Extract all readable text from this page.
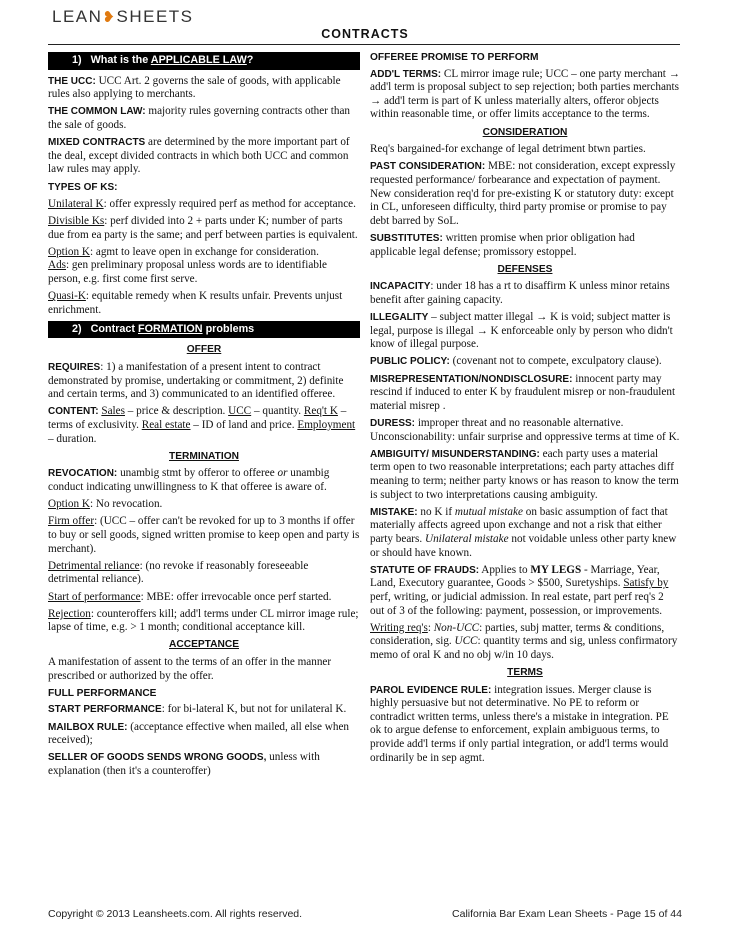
LEAN❥SHEETS
CONTRACTS
1) What is the APPLICABLE LAW?

THE UCC: UCC Art. 2 governs the sale of goods, with applicable rules also applying to merchants.

THE COMMON LAW: majority rules governing contracts other than the sale of goods.

MIXED CONTRACTS are determined by the more important part of the deal, except divided contracts in which both UCC and common law rules may apply.

TYPES OF KS:

Unilateral K: offer expressly required perf as method for acceptance.

Divisible Ks: perf divided into 2 + parts under K; number of parts due from ea party is the same; and perf between parties is equivalent.

Option K: agmt to leave open in exchange for consideration.

Ads: gen preliminary proposal unless words are to identifiable person, e.g. first come first serve.

Quasi-K: equitable remedy when K results unfair. Prevents unjust enrichment.

2) Contract FORMATION problems
OFFER

REQUIRES: 1) a manifestation of a present intent to contract demonstrated by promise, undertaking or commitment, 2) definite and certain terms, and 3) communicated to an identified offeree.

CONTENT: Sales – price & description. UCC – quantity. Req't K – terms of exclusivity. Real estate – ID of land and price. Employment – duration.

TERMINATION

REVOCATION: unambig stmt by offeror to offeree or unambig conduct indicating unwillingness to K that offeree is aware of.

Option K: No revocation.

Firm offer: (UCC – offer can't be revoked for up to 3 months if offer to buy or sell goods, signed written promise to keep open and party is merchant).

Detrimental reliance: (no revoke if reasonably foreseeable detrimental reliance).

Start of performance: MBE: offer irrevocable once perf started.

Rejection: counteroffers kill; add'l terms under CL mirror image rule; lapse of time, e.g. > 1 month; conditional acceptance kill.

ACCEPTANCE

A manifestation of assent to the terms of an offer in the manner prescribed or authorized by the offer.

FULL PERFORMANCE

START PERFORMANCE: for bi-lateral K, but not for unilateral K.

MAILBOX RULE: (acceptance effective when mailed, all else when received);

SELLER OF GOODS SENDS WRONG GOODS, unless with explanation (then it's a counteroffer)

OFFEREE PROMISE TO PERFORM

ADD'L TERMS: CL mirror image rule; UCC – one party merchant → add'l term is proposal subject to sep rejection; both parties merchants → add'l term is part of K unless materially alters, offeror objects within reasonable time, or offer limits acceptance to the terms.

CONSIDERATION

Req's bargained-for exchange of legal detriment btwn parties.

PAST CONSIDERATION: MBE: not consideration, except expressly requested performance/ forbearance and expectation of payment. New consideration req'd for pre-existing K or statutory duty: except in CL, unforeseen difficulty, third party promise or promise to pay debt barred by SoL.

SUBSTITUTES: written promise when prior obligation had applicable legal defense; promissory estoppel.

DEFENSES

INCAPACITY: under 18 has a rt to disaffirm K unless minor retains benefit after gaining capacity.

ILLEGALITY – subject matter illegal → K is void; subject matter is legal, purpose is illegal → K enforceable only by person who didn't know of illegal purpose.

PUBLIC POLICY: (covenant not to compete, exculpatory clause).

MISREPRESENTATION/NONDISCLOSURE: innocent party may rescind if induced to enter K by fraudulent misrep or non-fraudulent material misrep .

DURESS: improper threat and no reasonable alternative.

Unconscionability: unfair surprise and oppressive terms at time of K.

AMBIGUITY/ MISUNDERSTANDING: each party uses a material term open to two reasonable interpretations; each party attaches diff meaning to term; neither party knows or has reason to know the term is subject to two interpretations causing ambiguity.

MISTAKE: no K if mutual mistake on basic assumption of fact that materially affects agreed upon exchange and not a risk that either party bears. Unilateral mistake not voidable unless other party knew or should have known.

STATUTE OF FRAUDS: Applies to MY LEGS - Marriage, Year, Land, Executory guarantee, Goods > $500, Suretyships. Satisfy by perf, writing, or judicial admission. In real estate, part perf req's 2 out of 3 of the following: payment, possession, or improvements.

Writing req's: Non-UCC: parties, subj matter, terms & conditions, consideration, sig. UCC: quantity terms and sig, unless confirmatory memo of oral K and no obj w/in 10 days.

TERMS

PAROL EVIDENCE RULE: integration issues. Merger clause is highly persuasive but not determinative. No PE to reform or contradict written terms, unless there's a mistake in integration. PE ok to argue defense to enforcement, explain ambiguous terms, to provide add'l terms if only partial integration, or add'l terms would ordinarily be in sep agmt.

Copyright © 2013 Leansheets.com. All rights reserved.	California Bar Exam Lean Sheets - Page 15 of 44
